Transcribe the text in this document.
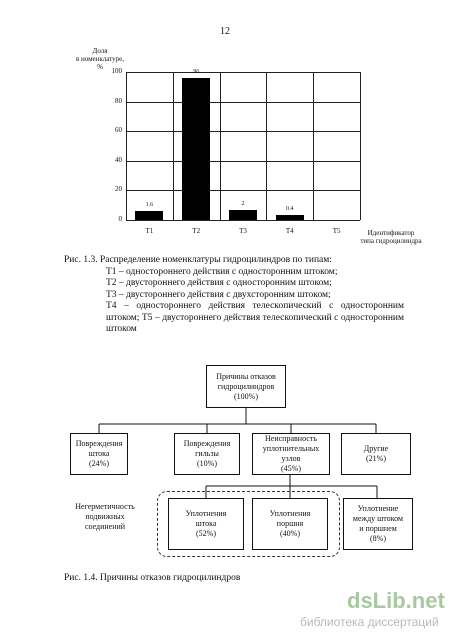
12
Доля
в номенклатуре,
%
Идентификатор
типа гидроцилиндра
0
20
40
60
80
100
1.6
T1
96
T2
2
T3
0.4
T4	T5
Рис. 1.3. Распределение номенклатуры гидроцилиндров по типам:
T1 – одностороннего действия с односторонним штоком;
T2 – двустороннего действия с односторонним штоком;
T3 – двустороннего действия с двухсторонним штоком;
T4 – одностороннего действия телескопический с односторонним штоком; T5 – двустороннего действия телескопический с односторонним штоком
Причины отказов
гидроцилиндров
(100%)
Повреждения
штока
(24%)
Повреждения
гильзы
(10%)
Неисправность
уплотнительных
узлов
(45%)
Другие
(21%)
Негерметичность
подвижных
соединений
Уплотнения
штока
(52%)
Уплотнения
поршня
(40%)
Уплотнение
между штоком
и поршнем
(8%)
Рис. 1.4. Причины отказов гидроцилиндров
dsLib.net
библиотека диссертаций
